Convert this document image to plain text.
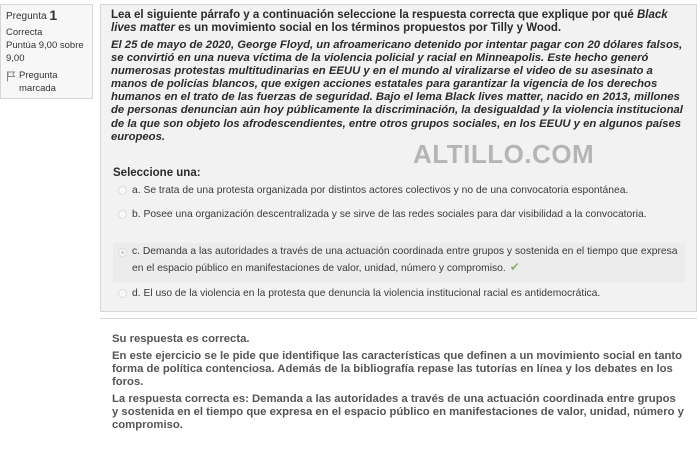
Pregunta 1
Correcta
Puntúa 9,00 sobre 9,00
Pregunta marcada
Lea el siguiente párrafo y a continuación seleccione la respuesta correcta que explique por qué Black lives matter es un movimiento social en los términos propuestos por Tilly y Wood.
El 25 de mayo de 2020, George Floyd, un afroamericano detenido por intentar pagar con 20 dólares falsos, se convirtió en una nueva víctima de la violencia policial y racial en Minneapolis. Este hecho generó numerosas protestas multitudinarias en EEUU y en el mundo al viralizarse el video de su asesinato a manos de policías blancos, que exigen acciones estatales para garantizar la vigencia de los derechos humanos en el trato de las fuerzas de seguridad. Bajo el lema Black lives matter, nacido en 2013, millones de personas denuncian aún hoy públicamente la discriminación, la desigualdad y la violencia institucional de la que son objeto los afrodescendientes, entre otros grupos sociales, en los EEUU y en algunos países europeos.
ALTILLO.COM
Seleccione una:
a. Se trata de una protesta organizada por distintos actores colectivos y no de una convocatoria espontánea.
b. Posee una organización descentralizada y se sirve de las redes sociales para dar visibilidad a la convocatoria.
c. Demanda a las autoridades a través de una actuación coordinada entre grupos y sostenida en el tiempo que expresa en el espacio público en manifestaciones de valor, unidad, número y compromiso. ✔
d. El uso de la violencia en la protesta que denuncia la violencia institucional racial es antidemocrática.

Su respuesta es correcta.

En este ejercicio se le pide que identifique las características que definen a un movimiento social en tanto forma de política contenciosa. Además de la bibliografía repase las tutorías en línea y los debates en los foros.

La respuesta correcta es: Demanda a las autoridades a través de una actuación coordinada entre grupos y sostenida en el tiempo que expresa en el espacio público en manifestaciones de valor, unidad, número y compromiso.
